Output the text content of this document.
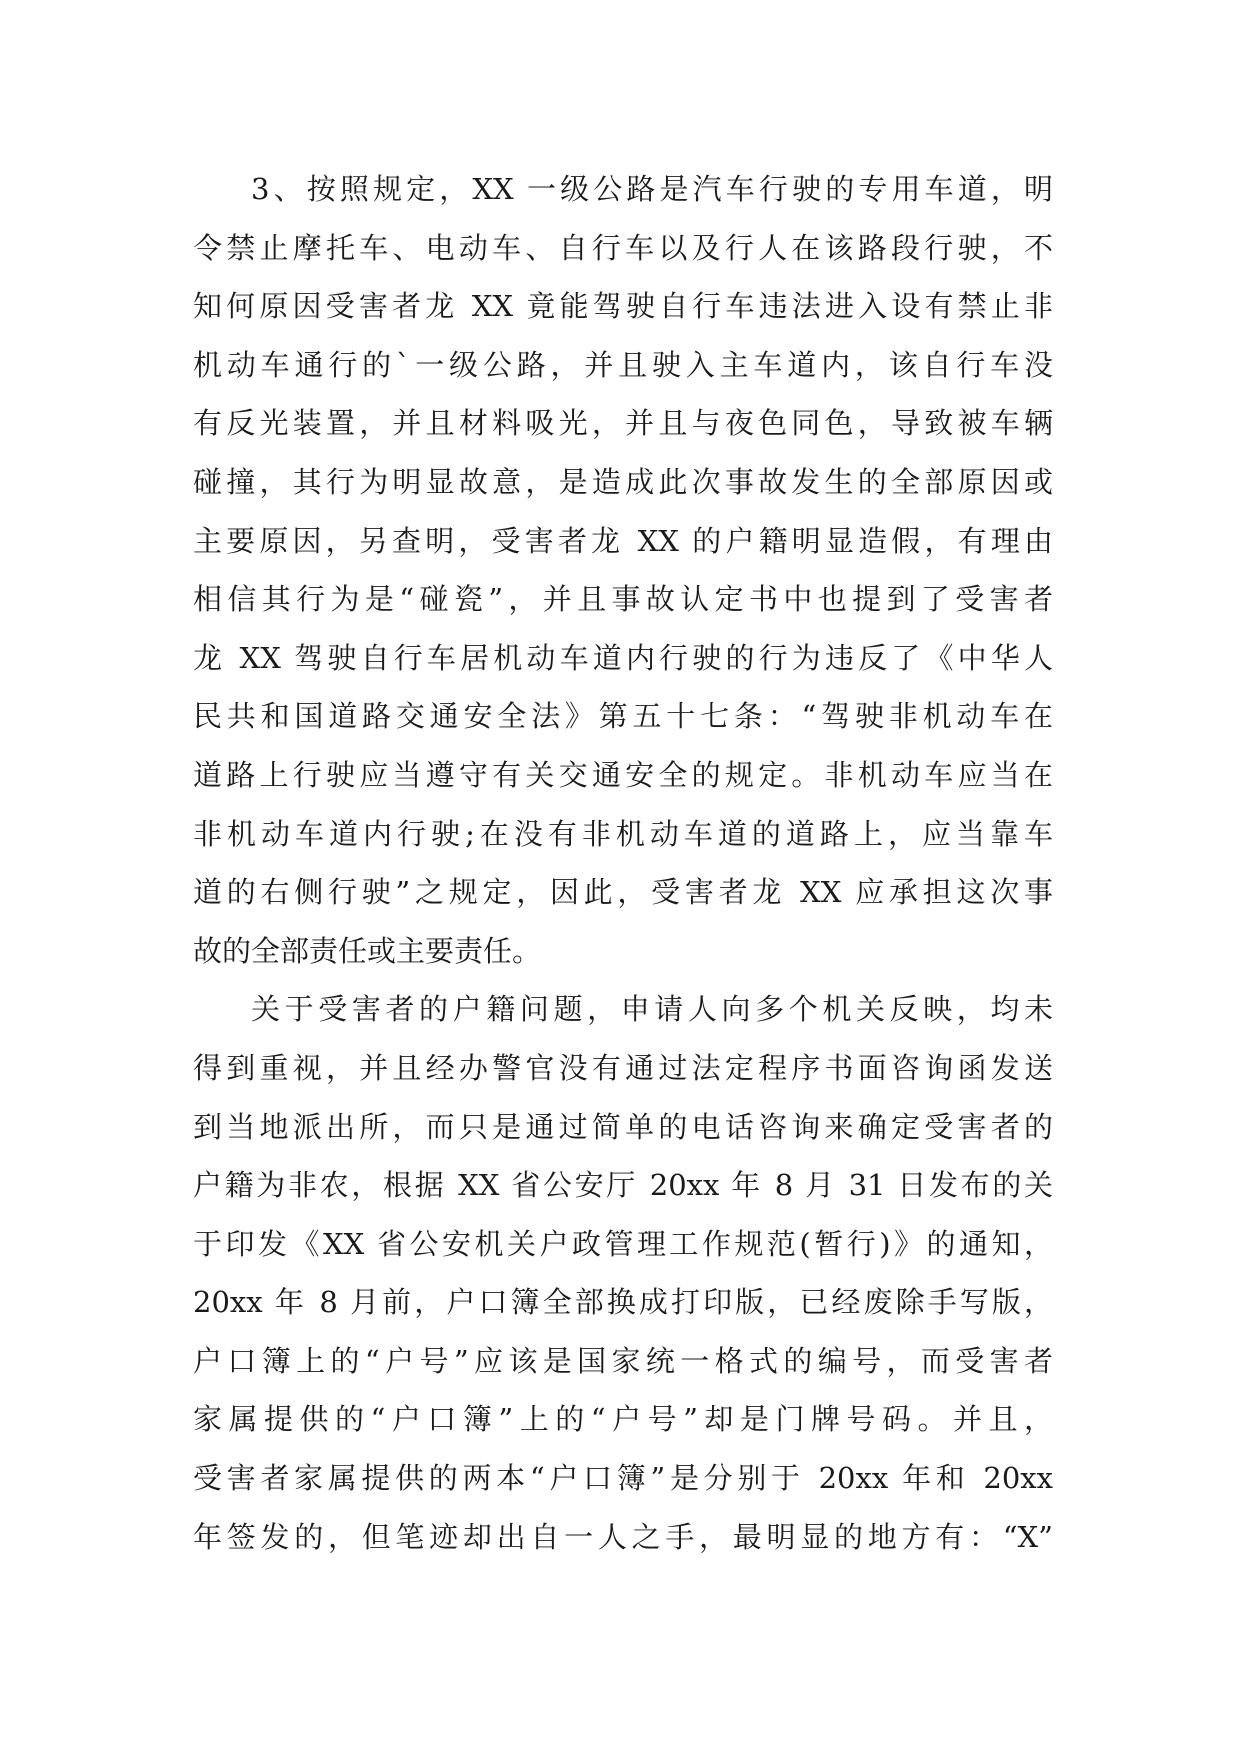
3、按照规定，XX 一级公路是汽车行驶的专用车道，明
令禁止摩托车、电动车、自行车以及行人在该路段行驶，不
知何原因受害者龙 XX 竟能驾驶自行车违法进入设有禁止非
机动车通行的`一级公路，并且驶入主车道内，该自行车没
有反光装置，并且材料吸光，并且与夜色同色，导致被车辆
碰撞，其行为明显故意，是造成此次事故发生的全部原因或
主要原因，另查明，受害者龙 XX 的户籍明显造假，有理由
相信其行为是“碰瓷”，并且事故认定书中也提到了受害者
龙 XX 驾驶自行车居机动车道内行驶的行为违反了《中华人
民共和国道路交通安全法》第五十七条：“驾驶非机动车在
道路上行驶应当遵守有关交通安全的规定。非机动车应当在
非机动车道内行驶;在没有非机动车道的道路上，应当靠车
道的右侧行驶”之规定，因此，受害者龙 XX 应承担这次事
故的全部责任或主要责任。
关于受害者的户籍问题，申请人向多个机关反映，均未
得到重视，并且经办警官没有通过法定程序书面咨询函发送
到当地派出所，而只是通过简单的电话咨询来确定受害者的
户籍为非农，根据 XX 省公安厅 20xx 年 8 月 31 日发布的关
于印发《XX 省公安机关户政管理工作规范(暂行)》的通知，
20xx 年 8 月前，户口簿全部换成打印版，已经废除手写版，
户口簿上的“户号”应该是国家统一格式的编号，而受害者
家属提供的“户口簿”上的“户号”却是门牌号码。并且，
受害者家属提供的两本“户口簿”是分别于 20xx 年和 20xx
年签发的，但笔迹却出自一人之手，最明显的地方有：“X”
